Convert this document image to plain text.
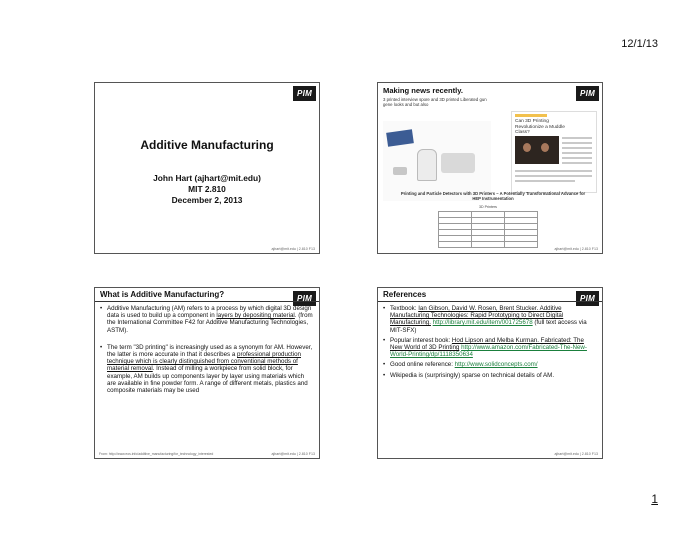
12/1/13
PIM
Additive Manufacturing
John Hart (ajhart@mit.edu)
MIT 2.810
December 2, 2013
ajhart@mit.edu | 2.810 F13
PIM
Making news recently.
3 printed interview spore and 3D printed Liberated gun gene looks and but also
Can 3D Printing Revolutionize a Muddle Class?
Printing and Particle Detectors with 3D Printers – A Potentially Transformational Advance for HEP Instrumentation
3D Printers

ajhart@mit.edu | 2.810 F13
PIM
What is Additive Manufacturing?
• Additive Manufacturing (AM) refers to a process by which digital 3D design data is used to build up a component in layers by depositing material. (from the International Committee F42 for Additive Manufacturing Technologies, ASTM).
• The term "3D printing" is increasingly used as a synonym for AM. However, the latter is more accurate in that it describes a professional production technique which is clearly distinguished from conventional methods of material removal. Instead of milling a workpiece from solid block, for example, AM builds up components layer by layer using materials which are available in fine powder form. A range of different metals, plastics and composite materials may be used
From: http://www.eos.info/additive_manufacturing/for_technology_interested	ajhart@mit.edu | 2.810 F13
PIM
References
• Textbook: Ian Gibson, David W. Rosen, Brent Stucker. Additive Manufacturing Technologies: Rapid Prototyping to Direct Digital Manufacturing. http://library.mit.edu/item/001725678 (full text access via MIT-SFX)
• Popular interest book: Hod Lipson and Melba Kurman. Fabricated: The New World of 3D Printing http://www.amazon.com/Fabricated-The-New-World-Printing/dp/1118350634
• Good online reference: http://www.solidconcepts.com/
• Wikipedia is (surprisingly) sparse on technical details of AM.
ajhart@mit.edu | 2.810 F13
1
